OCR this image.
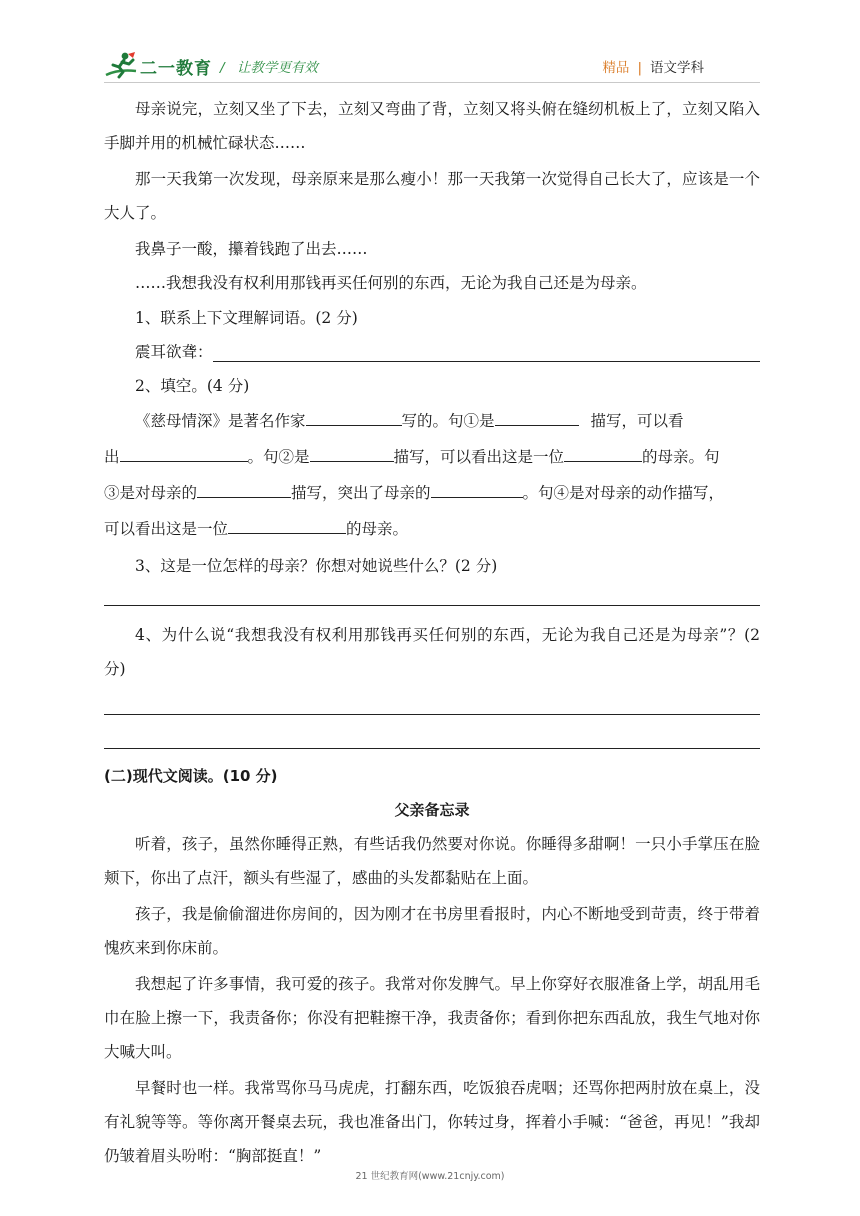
二一教育 / 让教学更有效	精品 | 语文学科

母亲说完，立刻又坐了下去，立刻又弯曲了背，立刻又将头俯在缝纫机板上了，立刻又陷入手脚并用的机械忙碌状态……

那一天我第一次发现，母亲原来是那么瘦小！那一天我第一次觉得自己长大了，应该是一个大人了。

我鼻子一酸，攥着钱跑了出去……

……我想我没有权利用那钱再买任何别的东西，无论为我自己还是为母亲。

1、联系上下文理解词语。(2 分)

震耳欲聋：

2、填空。(4 分)

《慈母情深》是著名作家	写的。句①是	描写，可以看

出	。句②是	描写，可以看出这是一位	的母亲。句

③是对母亲的	描写，突出了母亲的	。句④是对母亲的动作描写，

可以看出这是一位	的母亲。

3、这是一位怎样的母亲？你想对她说些什么？(2 分)

4、为什么说“我想我没有权利用那钱再买任何别的东西，无论为我自己还是为母亲”？(2 分)

(二)现代文阅读。(10 分)

父亲备忘录

听着，孩子，虽然你睡得正熟，有些话我仍然要对你说。你睡得多甜啊！一只小手掌压在脸颊下，你出了点汗，额头有些湿了，感曲的头发都黏贴在上面。

孩子，我是偷偷溜进你房间的，因为刚才在书房里看报时，内心不断地受到苛责，终于带着愧疚来到你床前。

我想起了许多事情，我可爱的孩子。我常对你发脾气。早上你穿好衣服准备上学，胡乱用毛巾在脸上擦一下，我责备你；你没有把鞋擦干净，我责备你；看到你把东西乱放，我生气地对你大喊大叫。

早餐时也一样。我常骂你马马虎虎，打翻东西，吃饭狼吞虎咽；还骂你把两肘放在桌上，没有礼貌等等。等你离开餐桌去玩，我也准备出门，你转过身，挥着小手喊：“爸爸，再见！”我却仍皱着眉头吩咐：“胸部挺直！”

21 世纪教育网(www.21cnjy.com)
